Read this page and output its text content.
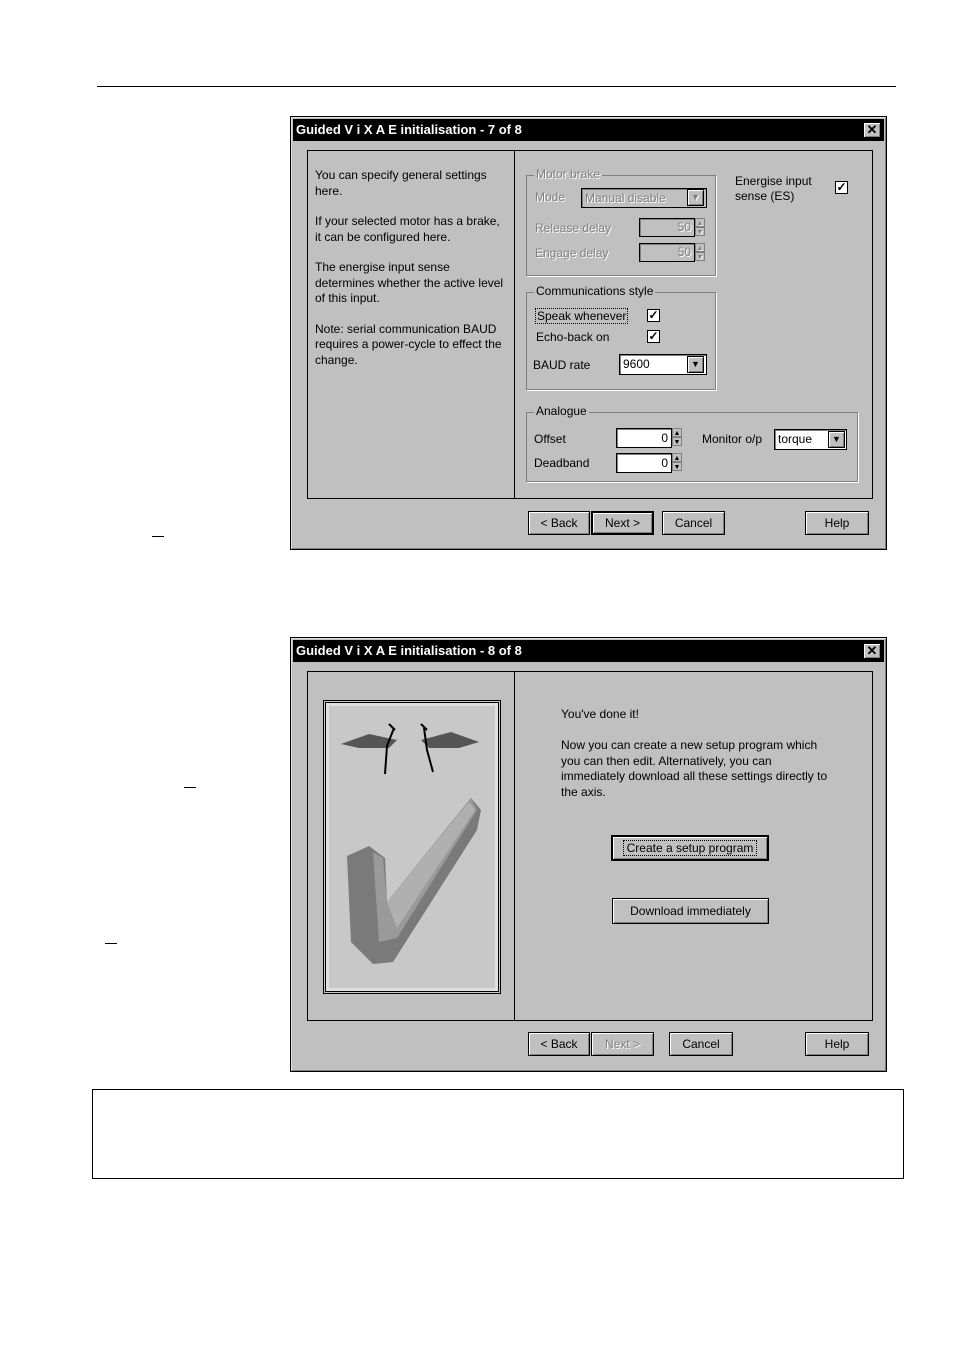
Guided V i X A E initialisation - 7 of 8	✕

You can specify general settings here.

If your selected motor has a brake, it can be configured here.

The energise input sense determines whether the active level of this input.

Note: serial communication BAUD requires a power-cycle to effect the change.

Motor brake
Mode	Manual disable	▼
Release delay	50 ▲
▼
Engage delay	50 ▲
▼
Energise input
sense (ES)
✓
Communications style
Speak whenever ✓
Echo-back on	✓
BAUD rate	9600	▼
Analogue
Offset	0 ▲
▼
Deadband	0 ▲
▼
Monitor o/p	torque	▼
< Back	Next >	Cancel	Help
Guided V i X A E initialisation - 8 of 8	✕
You've done it!
Now you can create a new setup program which you can then edit. Alternatively, you can immediately download all these settings directly to the axis.
Create a setup program
Download immediately
< Back	Next >	Cancel	Help
